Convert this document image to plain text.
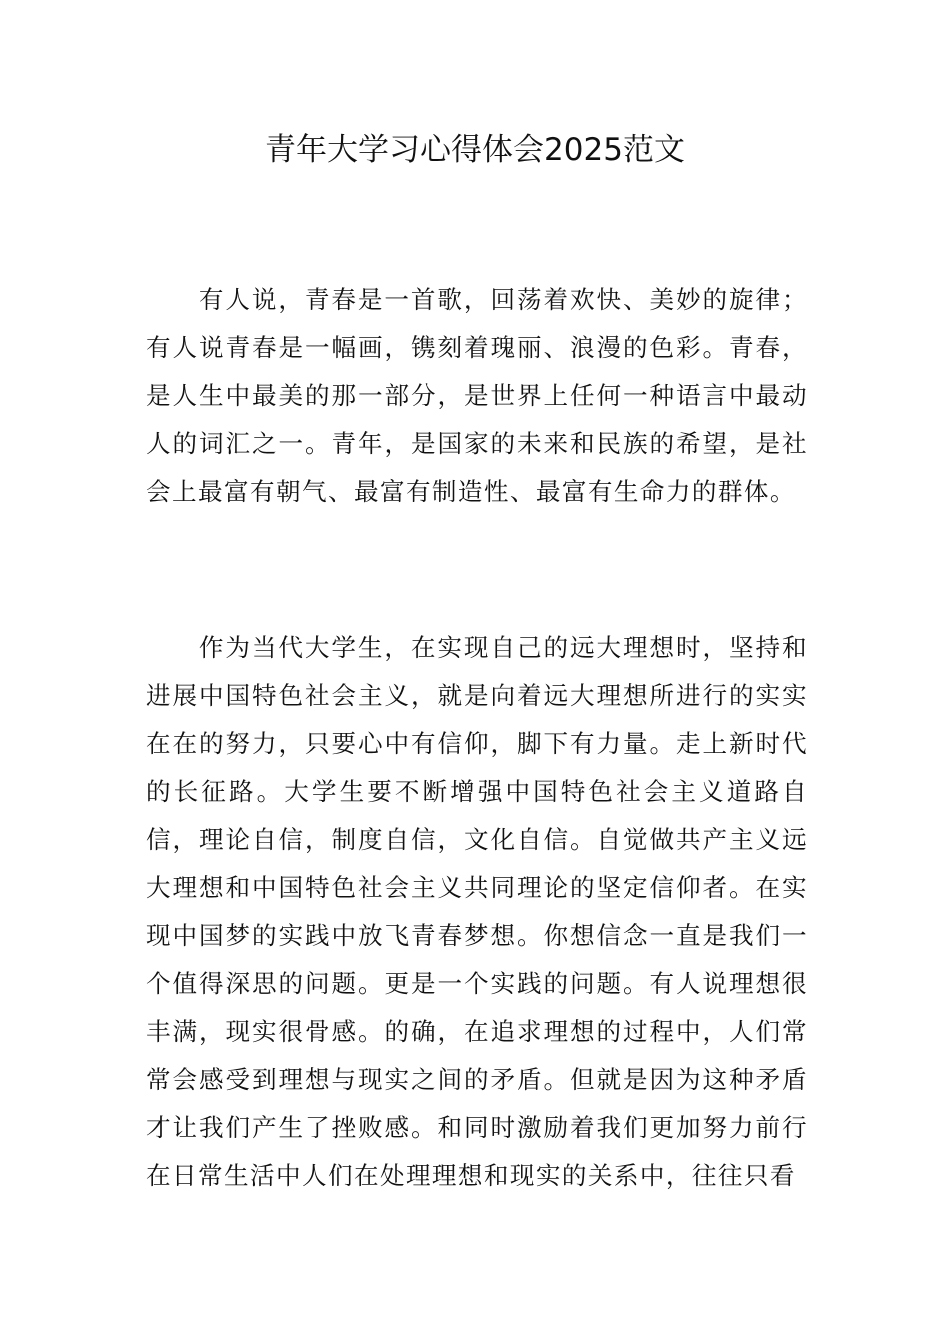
青年大学习心得体会2025范文

有人说，青春是一首歌，回荡着欢快、美妙的旋律；有人说青春是一幅画，镌刻着瑰丽、浪漫的色彩。青春，是人生中最美的那一部分，是世界上任何一种语言中最动人的词汇之一。青年，是国家的未来和民族的希望，是社会上最富有朝气、最富有制造性、最富有生命力的群体。

作为当代大学生，在实现自己的远大理想时，坚持和进展中国特色社会主义，就是向着远大理想所进行的实实在在的努力，只要心中有信仰，脚下有力量。走上新时代的长征路。大学生要不断增强中国特色社会主义道路自信，理论自信，制度自信，文化自信。自觉做共产主义远大理想和中国特色社会主义共同理论的坚定信仰者。在实现中国梦的实践中放飞青春梦想。你想信念一直是我们一个值得深思的问题。更是一个实践的问题。有人说理想很丰满，现实很骨感。的确，在追求理想的过程中，人们常常会感受到理想与现实之间的矛盾。但就是因为这种矛盾才让我们产生了挫败感。和同时激励着我们更加努力前行在日常生活中人们在处理理想和现实的关系中，往往只看
